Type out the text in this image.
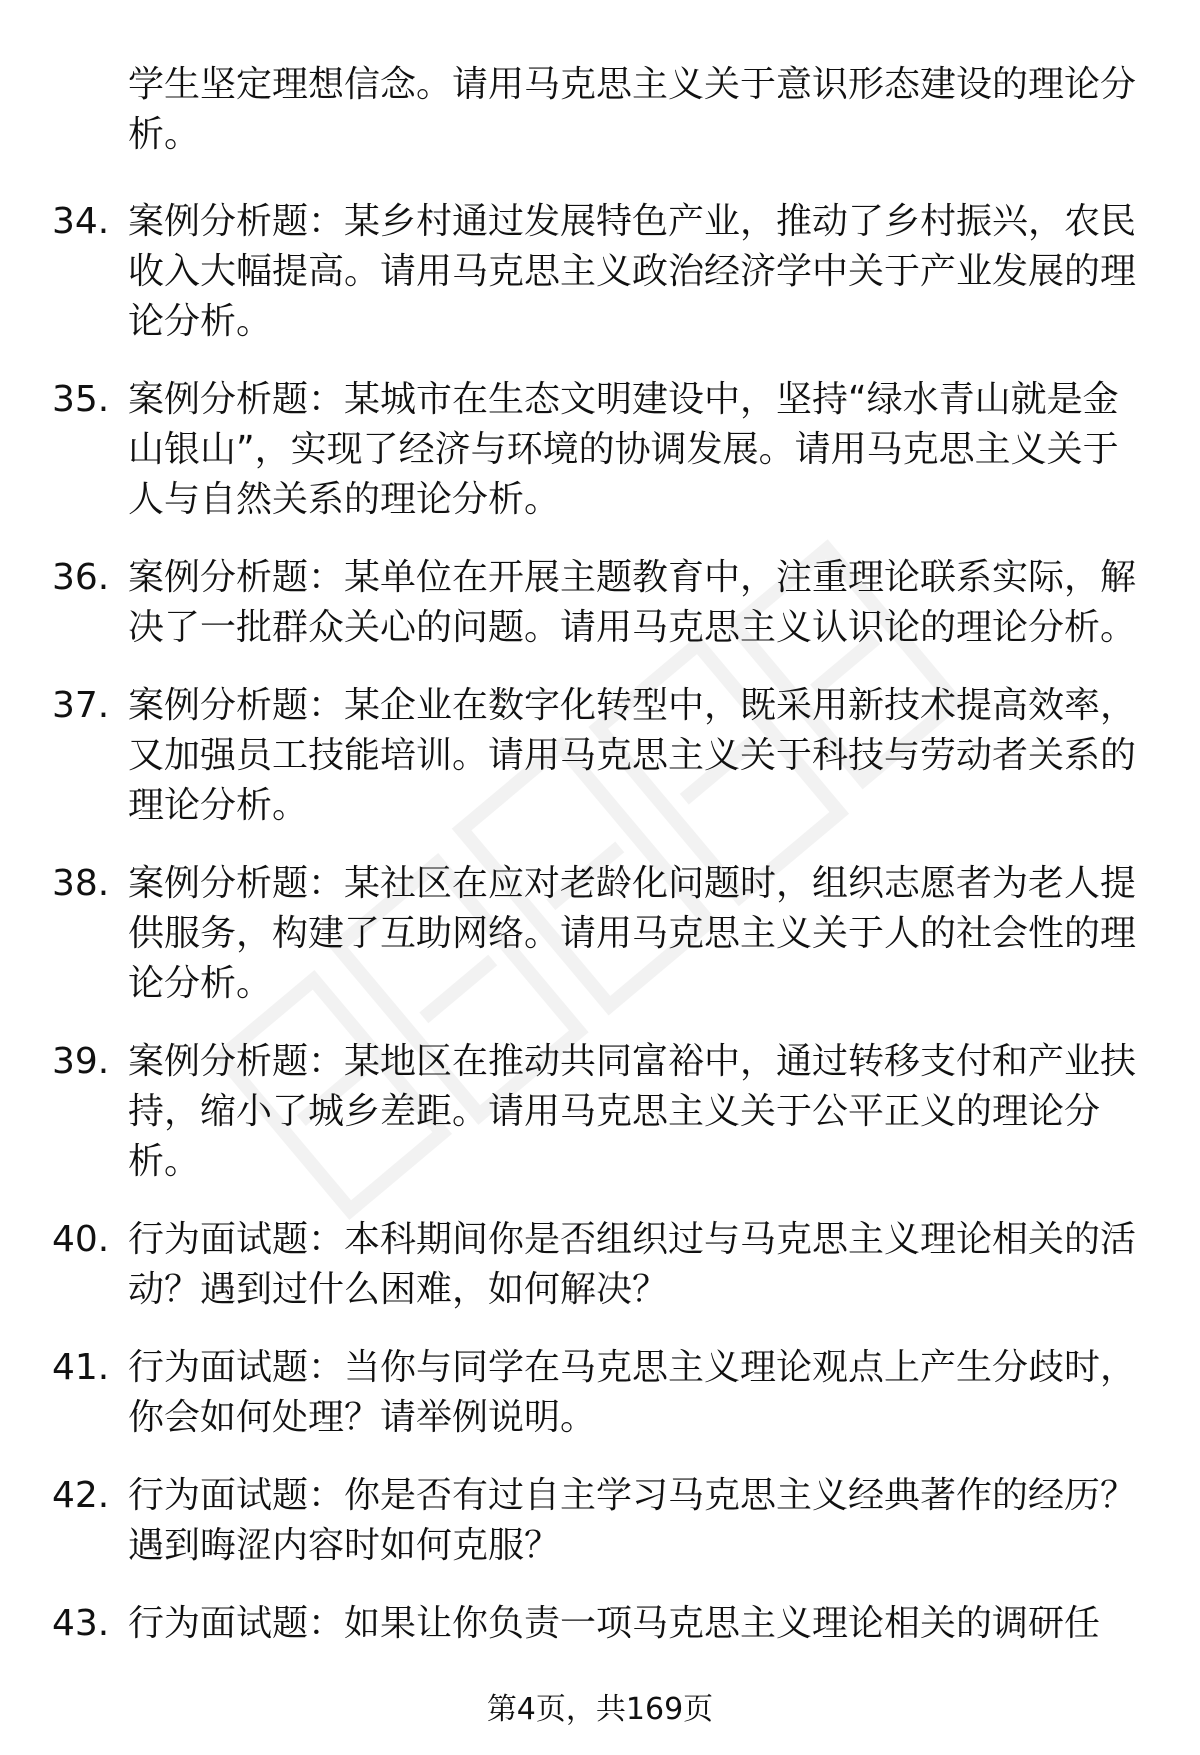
学生坚定理想信念。请用马克思主义关于意识形态建设的理论分析。

34. 案例分析题：某乡村通过发展特色产业，推动了乡村振兴，农民收入大幅提高。请用马克思主义政治经济学中关于产业发展的理论分析。

35. 案例分析题：某城市在生态文明建设中，坚持“绿水青山就是金山银山”，实现了经济与环境的协调发展。请用马克思主义关于人与自然关系的理论分析。

36. 案例分析题：某单位在开展主题教育中，注重理论联系实际，解决了一批群众关心的问题。请用马克思主义认识论的理论分析。

37. 案例分析题：某企业在数字化转型中，既采用新技术提高效率，又加强员工技能培训。请用马克思主义关于科技与劳动者关系的理论分析。

38. 案例分析题：某社区在应对老龄化问题时，组织志愿者为老人提供服务，构建了互助网络。请用马克思主义关于人的社会性的理论分析。

39. 案例分析题：某地区在推动共同富裕中，通过转移支付和产业扶持，缩小了城乡差距。请用马克思主义关于公平正义的理论分析。

40. 行为面试题：本科期间你是否组织过与马克思主义理论相关的活动？遇到过什么困难，如何解决？

41. 行为面试题：当你与同学在马克思主义理论观点上产生分歧时，你会如何处理？请举例说明。

42. 行为面试题：你是否有过自主学习马克思主义经典著作的经历？遇到晦涩内容时如何克服？

43. 行为面试题：如果让你负责一项马克思主义理论相关的调研任

第4页，共169页
